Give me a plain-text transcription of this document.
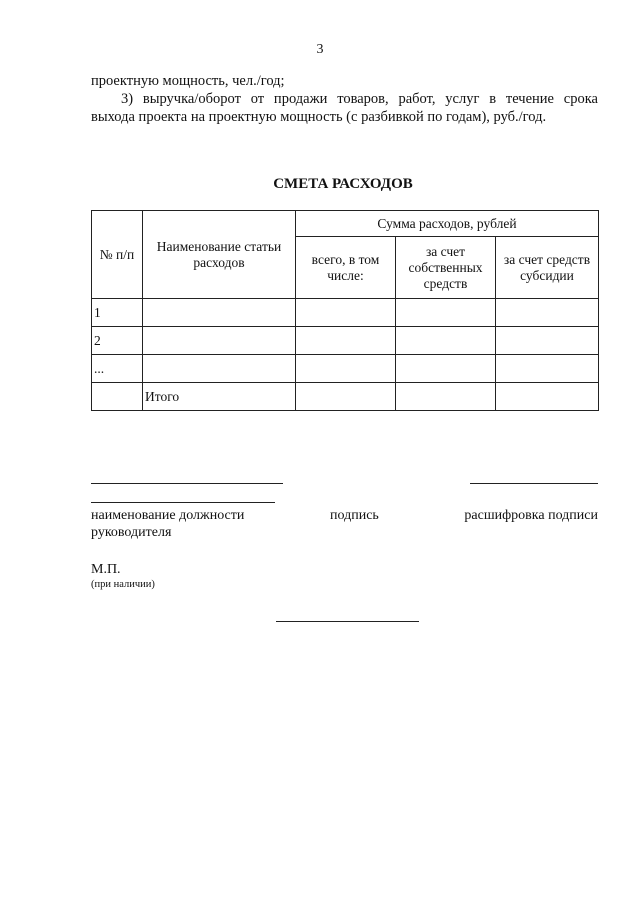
3
проектную мощность, чел./год;
3) выручка/оборот от продажи товаров, работ, услуг в течение срока
выхода проекта на проектную мощность (с разбивкой по годам), руб./год.
СМЕТА РАСХОДОВ
№ п/п	Наименование статьи расходов	Сумма расходов, рублей		
		всего, в том числе:	за счет собственных средств	за счет средств субсидии
1				
2				
...				
	Итого			
наименование должности
руководителя
подпись	расшифровка подписи
М.П.
(при наличии)
